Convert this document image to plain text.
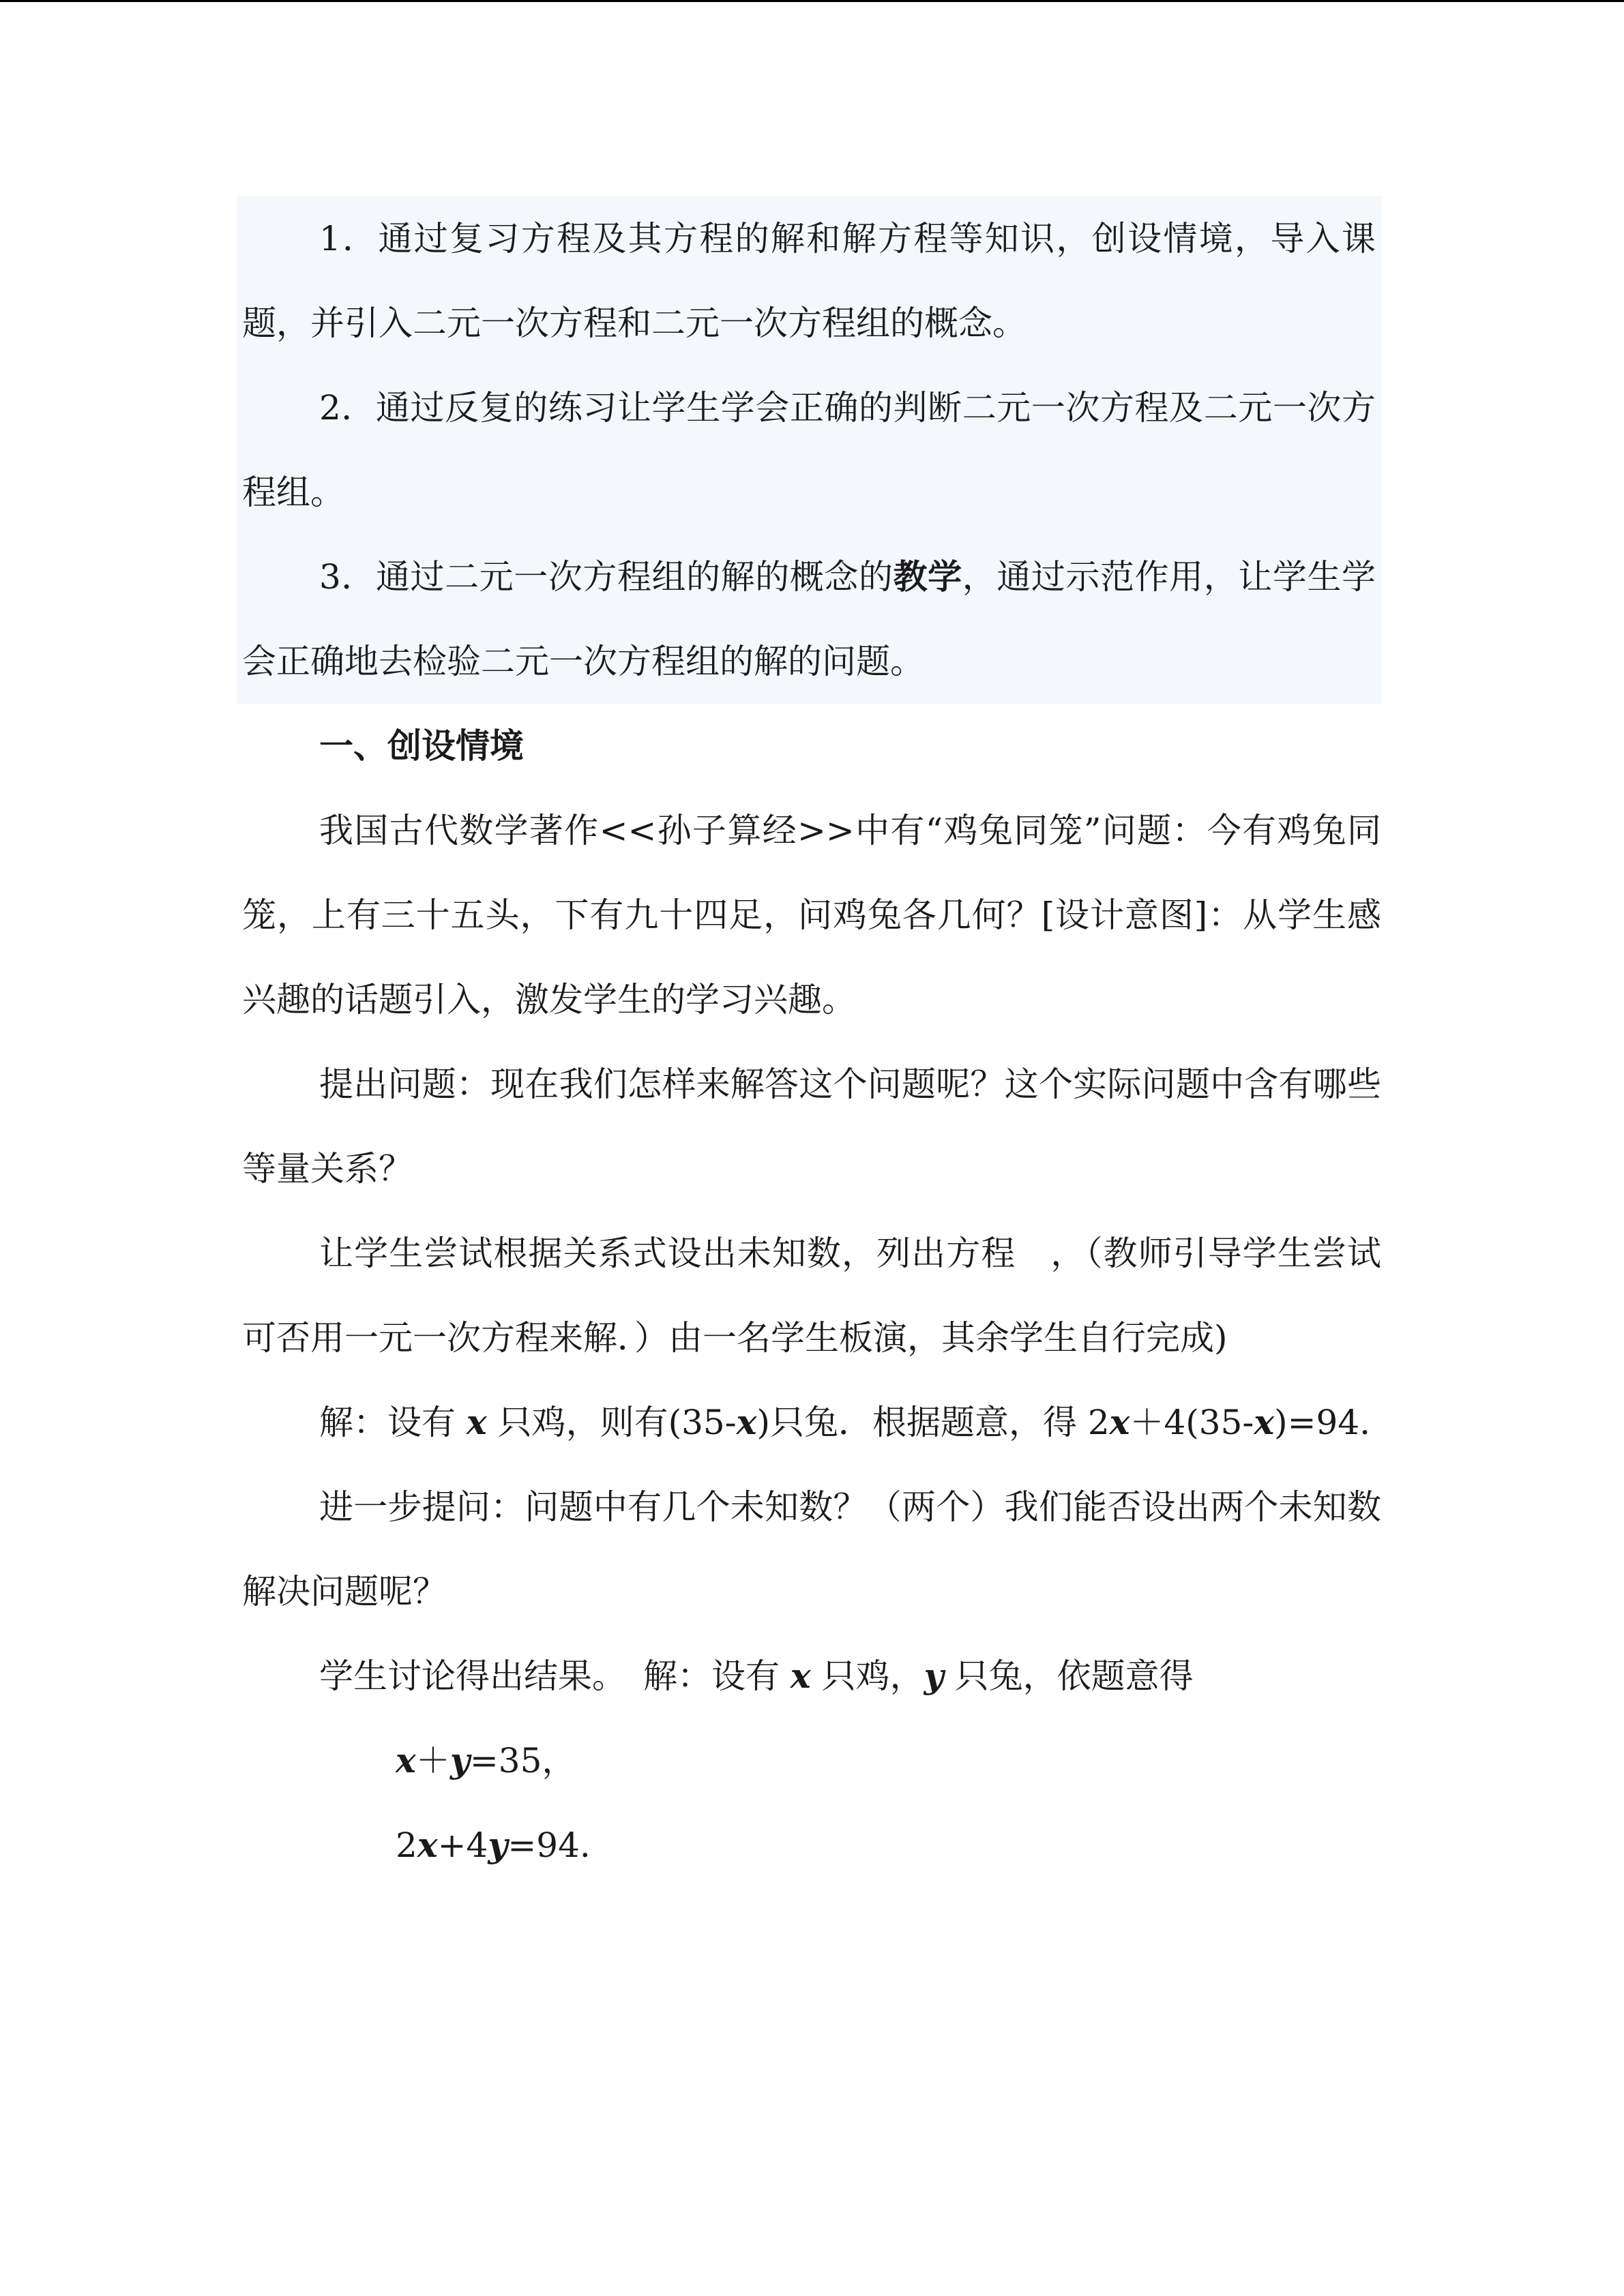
1．通过复习方程及其方程的解和解方程等知识，创设情境，导入课题，并引入二元一次方程和二元一次方程组的概念。

2．通过反复的练习让学生学会正确的判断二元一次方程及二元一次方程组。

3．通过二元一次方程组的解的概念的教学，通过示范作用，让学生学会正确地去检验二元一次方程组的解的问题。

一、创设情境

我国古代数学著作<<孙子算经>>中有“鸡兔同笼”问题：今有鸡兔同笼，上有三十五头，下有九十四足，问鸡兔各几何？[设计意图]：从学生感兴趣的话题引入，激发学生的学习兴趣。

提出问题：现在我们怎样来解答这个问题呢？这个实际问题中含有哪些等量关系？

让学生尝试根据关系式设出未知数，列出方程　，（教师引导学生尝试可否用一元一次方程来解．）由一名学生板演，其余学生自行完成)

解：设有 x 只鸡，则有(35-x)只兔．根据题意，得 2x＋4(35-x)=94.

进一步提问：问题中有几个未知数？（两个）我们能否设出两个未知数解决问题呢？

学生讨论得出结果。　解：设有 x 只鸡，y 只兔，依题意得

x＋y=35，

2x+4y=94.
